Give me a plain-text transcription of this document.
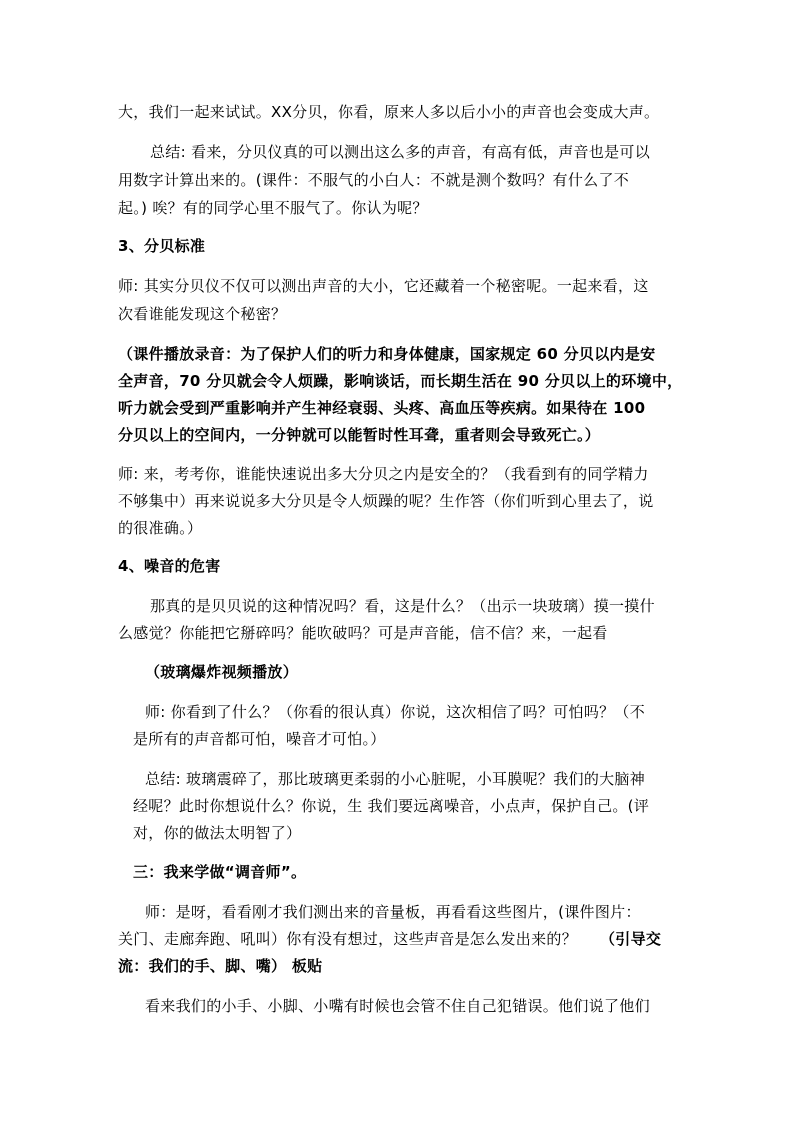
大，我们一起来试试。XX分贝，你看，原来人多以后小小的声音也会变成大声。

总结: 看来，分贝仪真的可以测出这么多的声音，有高有低，声音也是可以

用数字计算出来的。(课件：不服气的小白人：不就是测个数吗？有什么了不

起。) 唉？有的同学心里不服气了。你认为呢？

3、分贝标准

师: 其实分贝仪不仅可以测出声音的大小，它还藏着一个秘密呢。一起来看，这

次看谁能发现这个秘密？

（课件播放录音：为了保护人们的听力和身体健康，国家规定 60 分贝以内是安

全声音，70 分贝就会令人烦躁，影响谈话，而长期生活在 90 分贝以上的环境中，

听力就会受到严重影响并产生神经衰弱、头疼、高血压等疾病。如果待在 100

分贝以上的空间内，一分钟就可以能暂时性耳聋，重者则会导致死亡。）

师: 来，考考你，谁能快速说出多大分贝之内是安全的？（我看到有的同学精力

不够集中）再来说说多大分贝是令人烦躁的呢？生作答（你们听到心里去了，说

的很准确。）

4、噪音的危害

那真的是贝贝说的这种情况吗？看，这是什么？（出示一块玻璃）摸一摸什

么感觉？你能把它掰碎吗？能吹破吗？可是声音能，信不信？来，一起看

（玻璃爆炸视频播放）

师: 你看到了什么？（你看的很认真）你说，这次相信了吗？可怕吗？（不

是所有的声音都可怕，噪音才可怕。）

总结: 玻璃震碎了，那比玻璃更柔弱的小心脏呢，小耳膜呢？我们的大脑神

经呢？此时你想说什么？你说，生 我们要远离噪音，小点声，保护自己。(评

对，你的做法太明智了）

三：我来学做“调音师”。

师：是呀，看看刚才我们测出来的音量板，再看看这些图片，(课件图片：

关门、走廊奔跑、吼叫）你有没有想过，这些声音是怎么发出来的？ （引导交

流：我们的手、脚、嘴） 板贴

看来我们的小手、小脚、小嘴有时候也会管不住自己犯错误。他们说了他们
